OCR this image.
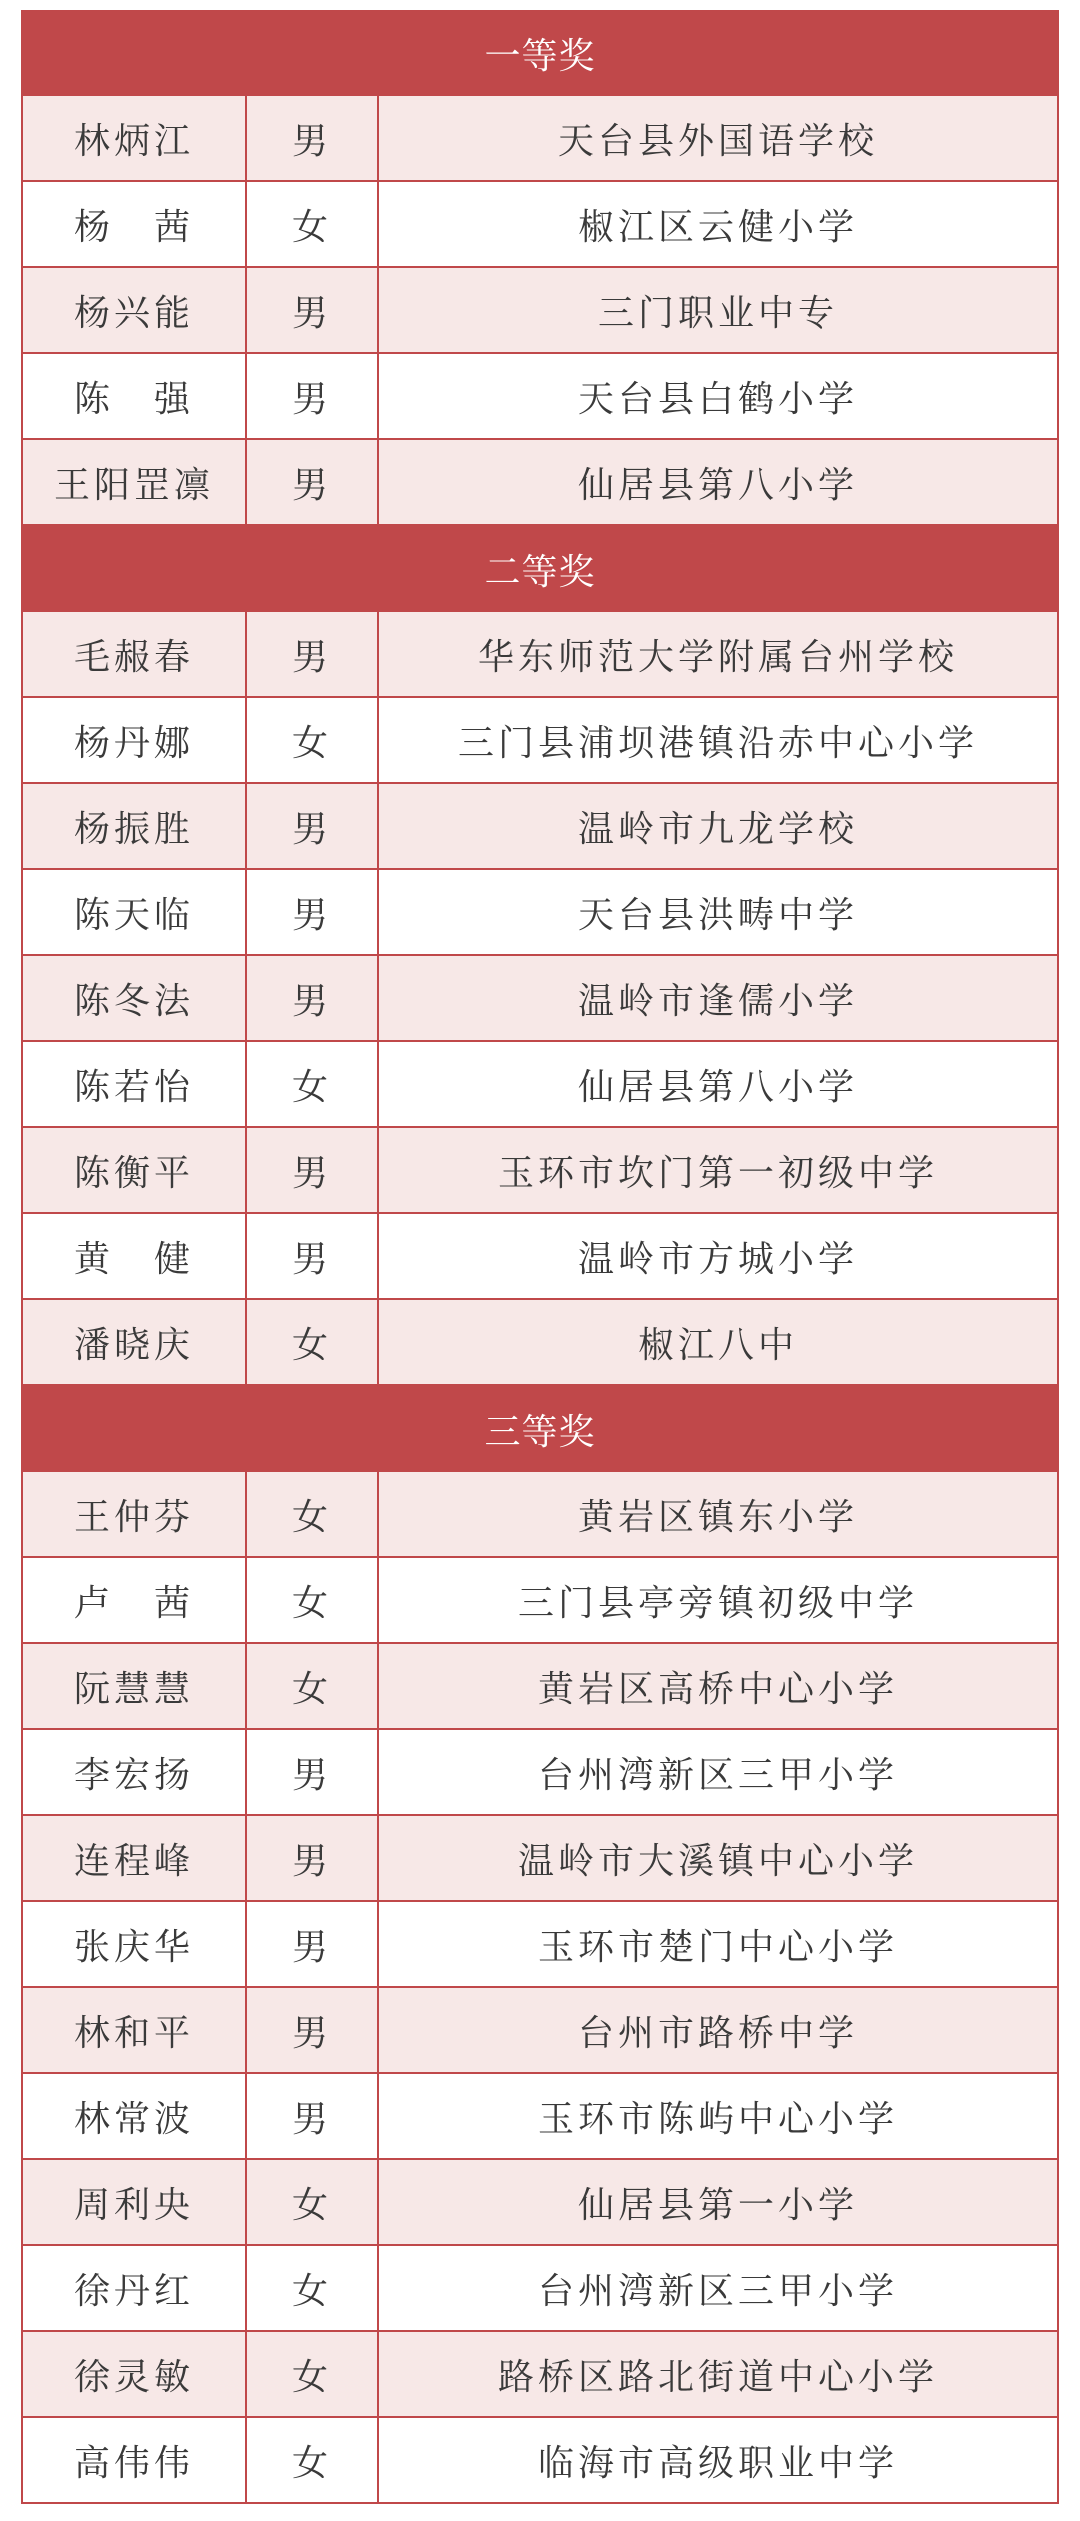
一等奖
林炳江	男	天台县外国语学校
杨　茜	女	椒江区云健小学
杨兴能	男	三门职业中专
陈　强	男	天台县白鹤小学
王阳罡凛	男	仙居县第八小学
二等奖
毛赧春	男	华东师范大学附属台州学校
杨丹娜	女	三门县浦坝港镇沿赤中心小学
杨振胜	男	温岭市九龙学校
陈天临	男	天台县洪畴中学
陈冬法	男	温岭市逢儒小学
陈若怡	女	仙居县第八小学
陈衡平	男	玉环市坎门第一初级中学
黄　健	男	温岭市方城小学
潘晓庆	女	椒江八中
三等奖
王仲芬	女	黄岩区镇东小学
卢　茜	女	三门县亭旁镇初级中学
阮慧慧	女	黄岩区高桥中心小学
李宏扬	男	台州湾新区三甲小学
连程峰	男	温岭市大溪镇中心小学
张庆华	男	玉环市楚门中心小学
林和平	男	台州市路桥中学
林常波	男	玉环市陈屿中心小学
周利央	女	仙居县第一小学
徐丹红	女	台州湾新区三甲小学
徐灵敏	女	路桥区路北街道中心小学
高伟伟	女	临海市高级职业中学
